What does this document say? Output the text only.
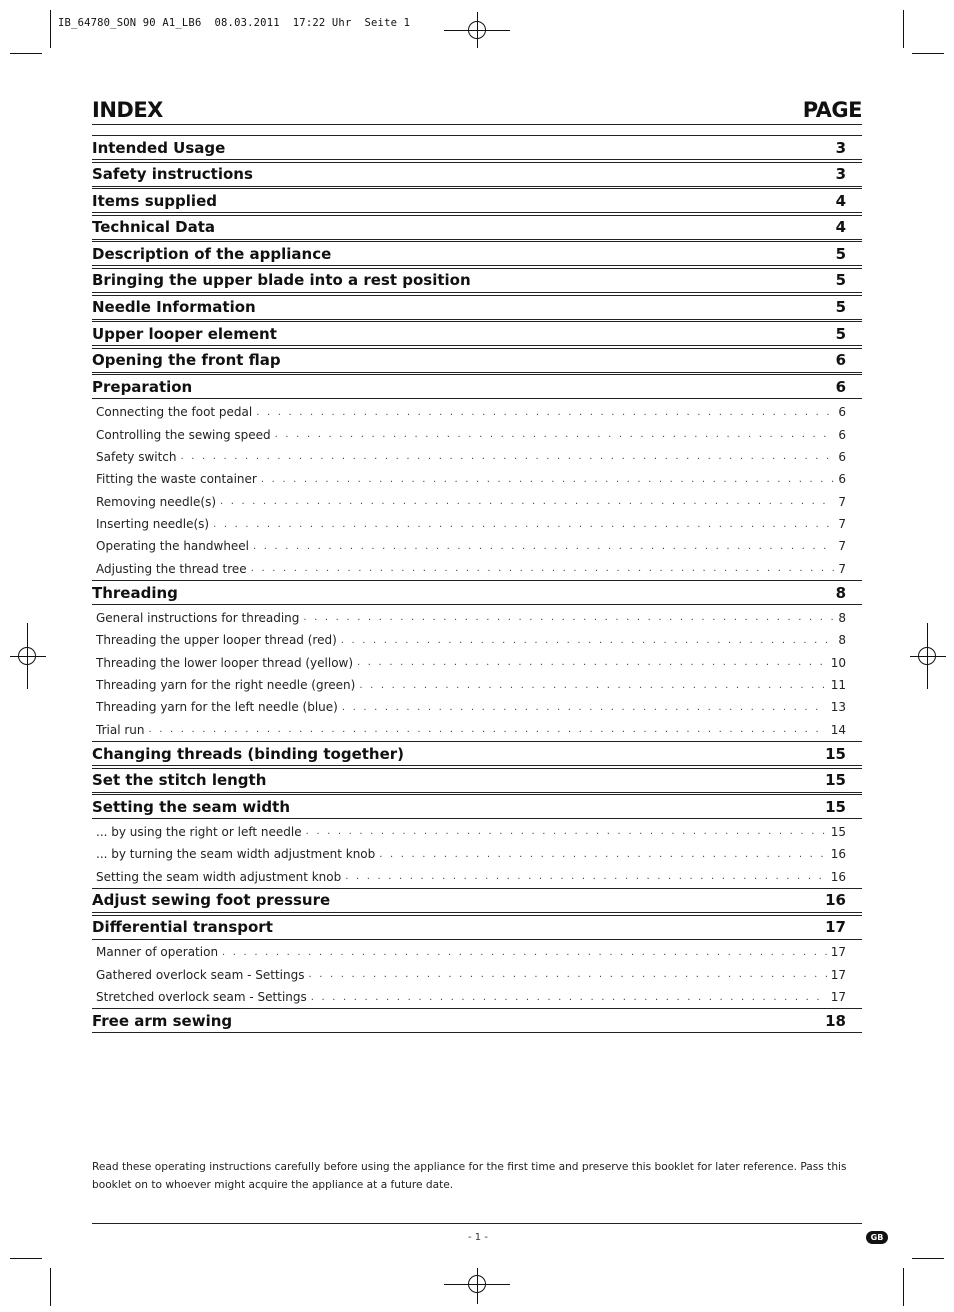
IB_64780_SON 90 A1_LB6  08.03.2011  17:22 Uhr  Seite 1
INDEX	PAGE
Intended Usage	3
Safety instructions	3
Items supplied	4
Technical Data	4
Description of the appliance	5
Bringing the upper blade into a rest position	5
Needle Information	5
Upper looper element	5
Opening the front flap	6
Preparation	6
Connecting the foot pedal . . .	6
Controlling the sewing speed . . .	6
Safety switch . . .	6
Fitting the waste container . . .	6
Removing needle(s) . . .	7
Inserting needle(s) . . .	7
Operating the handwheel . . .	7
Adjusting the thread tree . . .	7
Threading	8
General instructions for threading . . .	8
Threading the upper looper thread (red) . . .	8
Threading the lower looper thread (yellow) . . .	10
Threading yarn for the right needle (green) . . .	11
Threading yarn for the left needle (blue) . . .	13
Trial run . . .	14
Changing threads (binding together)	15
Set the stitch length	15
Setting the seam width	15
... by using the right or left needle . . .	15
... by turning the seam width adjustment knob . . .	16
Setting the seam width adjustment knob . . .	16
Adjust sewing foot pressure	16
Differential transport	17
Manner of operation . . .	17
Gathered overlock seam - Settings . . .	17
Stretched overlock seam - Settings . . .	17
Free arm sewing	18
Read these operating instructions carefully before using the appliance for the first time and preserve this booklet for later reference. Pass this booklet on to whoever might acquire the appliance at a future date.
- 1 -	GB
